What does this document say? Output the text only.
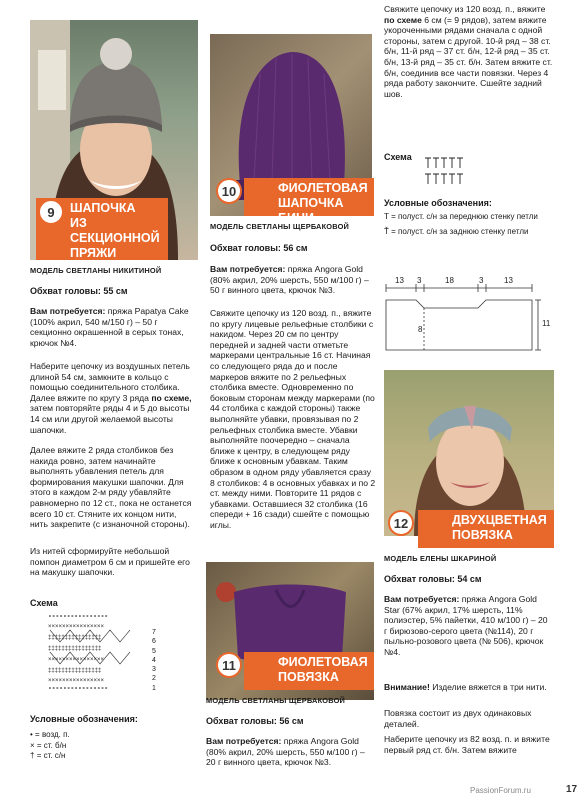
ШАПОЧКА
ИЗ СЕКЦИОННОЙ
ПРЯЖИ
9
ФИОЛЕТОВАЯ
ШАПОЧКА БИНИ
10
МОДЕЛЬ СВЕТЛАНЫ НИКИТИНОЙ
Обхват головы: 55 см
Вам потребуется: пряжа Papatya Cake (100% акрил, 540 м/150 г) – 50 г секционно окрашенной в серых тонах, крючок №4.
Наберите цепочку из воздушных петель длиной 54 см, замкните в кольцо с помощью соединительного столбика. Далее вяжите по кругу 3 ряда по схеме, затем повторяйте ряды 4 и 5 до высоты 14 см или другой желаемой высоты шапочки.
Далее вяжите 2 ряда столбиков без накида ровно, затем начинайте выполнять убавления петель для формирования макушки шапочки. Для этого в каждом 2-м ряду убавляйте равномерно по 12 ст., пока не останется всего 10 ст. Стяните их концом нити, нить закрепите (с изнаночной стороны).
Из нитей сформируйте небольшой помпон диаметром 6 см и пришейте его на макушку шапочки.
Схема
∘∘∘∘∘∘∘∘∘∘∘∘∘∘∘∘
××××××××××××××××
‡‡‡‡‡‡‡‡‡‡‡‡‡‡‡‡
‡‡‡‡‡‡‡‡‡‡‡‡‡‡‡‡
××××××××××××××××
‡‡‡‡‡‡‡‡‡‡‡‡‡‡‡‡
××××××××××××××××
∘∘∘∘∘∘∘∘∘∘∘∘∘∘∘∘
7
6
5
4
3
2
1
Условные обозначения:
• = возд. п.
× = ст. б/н
† = ст. с/н
МОДЕЛЬ СВЕТЛАНЫ ЩЕРБАКОВОЙ
Обхват головы: 56 см
Вам потребуется: пряжа Angora Gold (80% акрил, 20% шерсть, 550 м/100 г) – 50 г винного цвета, крючок №3.
Свяжите цепочку из 120 возд. п., вяжите по кругу лицевые рельефные столбики с накидом. Через 20 см по центру передней и задней части отметьте маркерами центральные 16 ст. Начиная со следующего ряда до и после маркеров вяжите по 2 рельефных столбика вместе. Одновременно по боковым сторонам между маркерами (по 44 столбика с каждой стороны) также выполняйте убавки, провязывая по 2 рельефных столбика вместе. Убавки выполняйте поочередно – сначала ближе к центру, в следующем ряду ближе к основным убавкам. Таким образом в одном ряду убавляется сразу 8 столбиков: 4 в основных убавках и по 2 ст. между ними. Повторите 11 рядов с убавками. Оставшиеся 32 столбика (16 спереди + 16 сзади) сшейте с помощью иглы.
ФИОЛЕТОВАЯ
ПОВЯЗКА
11
МОДЕЛЬ СВЕТЛАНЫ ЩЕРБАКОВОЙ
Обхват головы: 56 см
Вам потребуется: пряжа Angora Gold (80% акрил, 20% шерсть, 550 м/100 г) – 20 г винного цвета, крючок №3.
Свяжите цепочку из 120 возд. п., вяжите по схеме 6 см (= 9 рядов), затем вяжите укороченными рядами сначала с одной стороны, затем с другой. 10-й ряд – 38 ст. б/н, 11-й ряд – 37 ст. б/н, 12-й ряд – 35 ст. б/н, 13-й ряд – 35 ст. б/н. Затем вяжите ст. б/н, соединив все части повязки. Через 4 ряда работу закончите. Сшейте задний шов.
Схема
Условные обозначения:
ꓔ = полуст. с/н за переднюю стенку петли
Ť = полуст. с/н за заднюю стенку петли
13 3	18	3	13
8
11
ДВУХЦВЕТНАЯ
ПОВЯЗКА
12
МОДЕЛЬ ЕЛЕНЫ ШКАРИНОЙ
Обхват головы: 54 см
Вам потребуется: пряжа Angora Gold Star (67% акрил, 17% шерсть, 11% полиэстер, 5% пайетки, 410 м/100 г) – 20 г бирюзово-серого цвета (№114), 20 г пыльно-розового цвета (№ 506), крючок №4.
Внимание! Изделие вяжется в три нити.
Повязка состоит из двух одинаковых деталей.
Наберите цепочку из 82 возд. п. и вяжите первый ряд ст. б/н. Затем вяжите
PassionForum.ru	17
